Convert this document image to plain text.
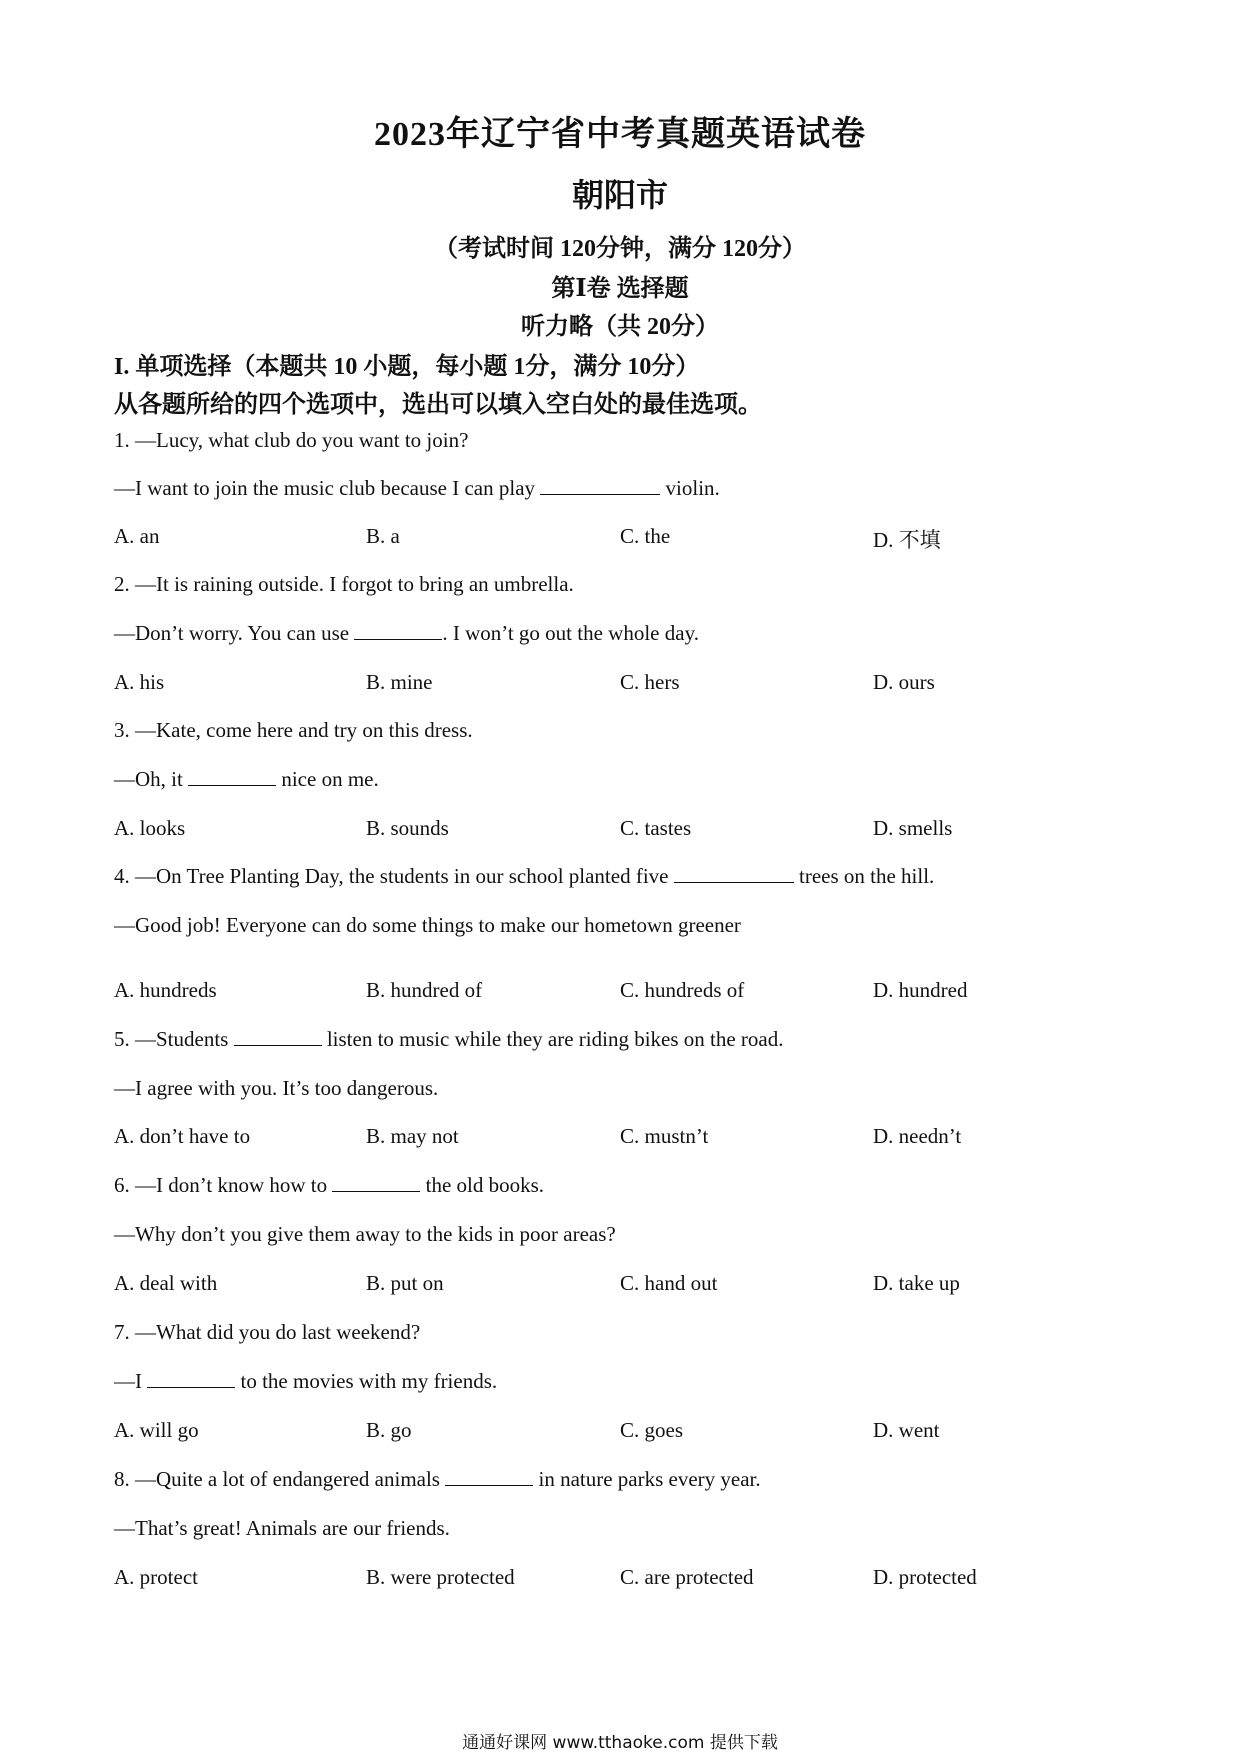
2023年辽宁省中考真题英语试卷
朝阳市
（考试时间 120分钟，满分 120分）
第Ⅰ卷 选择题
听力略（共 20分）
I. 单项选择（本题共 10 小题，每小题 1分，满分 10分）
从各题所给的四个选项中，选出可以填入空白处的最佳选项。
1. —Lucy, what club do you want to join?
—I want to join the music club because I can play	violin.
A. an	B. a	C. the	D. 不填
2. —It is raining outside. I forgot to bring an umbrella.
—Don’t worry. You can use	. I won’t go out the whole day.
A. his	B. mine	C. hers	D. ours
3. —Kate, come here and try on this dress.
—Oh, it	nice on me.
A. looks	B. sounds	C. tastes	D. smells
4. —On Tree Planting Day, the students in our school planted five	trees on the hill.
—Good job! Everyone can do some things to make our hometown greener
A. hundreds	B. hundred of	C. hundreds of	D. hundred
5. —Students	listen to music while they are riding bikes on the road.
—I agree with you. It’s too dangerous.
A. don’t have to	B. may not	C. mustn’t	D. needn’t
6. —I don’t know how to	the old books.
—Why don’t you give them away to the kids in poor areas?
A. deal with	B. put on	C. hand out	D. take up
7. —What did you do last weekend?
—I	to the movies with my friends.
A. will go	B. go	C. goes	D. went
8. —Quite a lot of endangered animals	in nature parks every year.
—That’s great! Animals are our friends.
A. protect	B. were protected	C. are protected	D. protected
通通好课网 www.tthaoke.com 提供下载
